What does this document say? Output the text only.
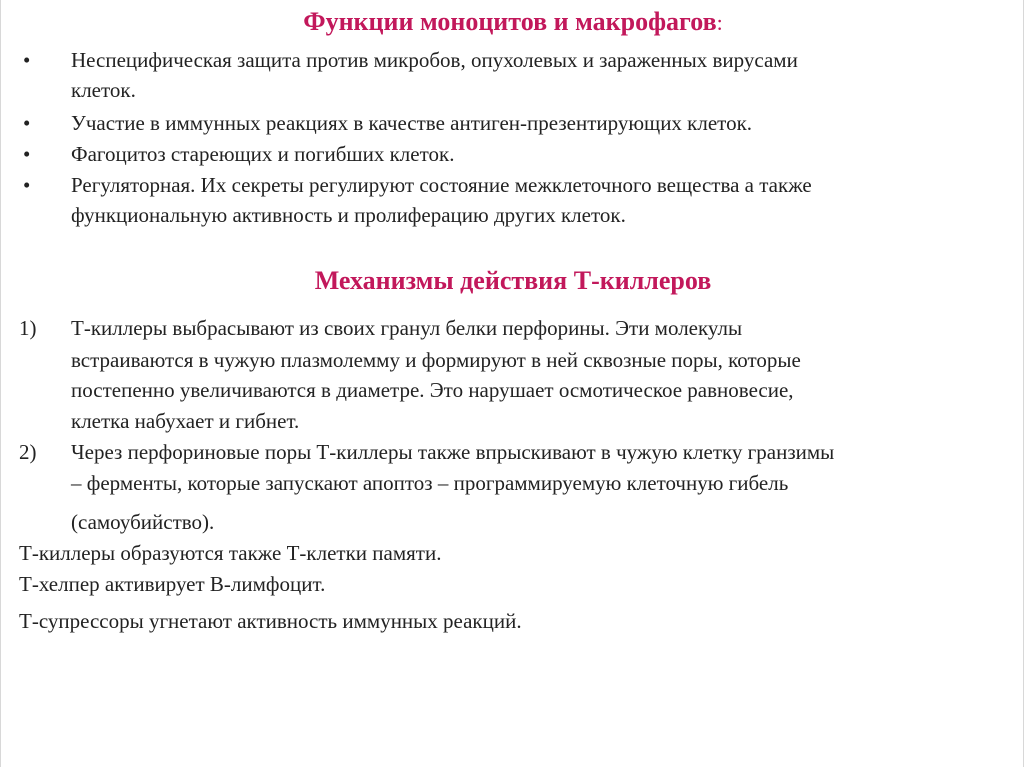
Функции моноцитов и макрофагов:
• Неспецифическая защита против микробов, опухолевых и зараженных вирусами
клеток.
• Участие в иммунных реакциях в качестве антиген-презентирующих клеток.
• Фагоцитоз стареющих и погибших клеток.
• Регуляторная. Их секреты регулируют состояние межклеточного вещества а также
функциональную активность и пролиферацию других клеток.
Механизмы действия Т-киллеров
1) Т-киллеры выбрасывают из своих гранул белки перфорины. Эти молекулы
встраиваются в чужую плазмолемму и формируют в ней сквозные поры, которые
постепенно увеличиваются в диаметре. Это нарушает осмотическое равновесие,
клетка набухает и гибнет.
2) Через перфориновые поры Т-киллеры также впрыскивают в чужую клетку гранзимы
– ферменты, которые запускают апоптоз – программируемую клеточную гибель
(самоубийство).
Т-киллеры образуются также Т-клетки памяти.
Т-хелпер активирует В-лимфоцит.
Т-супрессоры угнетают активность иммунных реакций.
